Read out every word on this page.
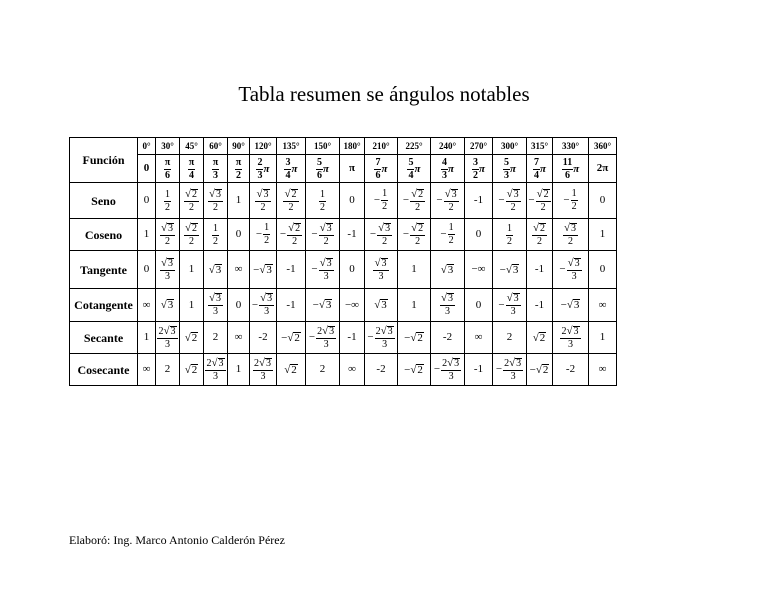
Tabla resumen se ángulos notables
Función	0°	30°	45°	60°	90°	120°	135°	150°	180°	210°	225°	240°	270°	300°	315°	330°	360°

	0	$\frac{\pi}{6}$	$\frac{\pi}{4}$	$\frac{\pi}{3}$	$\frac{\pi}{2}$	$\frac{2}{3}$ π	$\frac{3}{4}$ π	$\frac{5}{6}$ π	π	$\frac{7}{6}$ π	$\frac{5}{4}$ π	$\frac{4}{3}$ π	$\frac{3}{2}$ π	$\frac{5}{3}$ π	$\frac{7}{4}$ π	$\frac{11}{6}$ π	2π

Seno	0	$\frac{1}{2}$	$\frac{√ 2}{2}$	$\frac{√ 3}{2}$	1	$\frac{√ 3}{2}$	$\frac{√ 2}{2}$	$\frac{1}{2}$	0	− $\frac{1}{2}$	− $\frac{√ 2}{2}$	− $\frac{√ 3}{2}$	-1	− $\frac{√ 3}{2}$	− $\frac{√ 2}{2}$	− $\frac{1}{2}$	0

Coseno	1	$\frac{√ 3}{2}$	$\frac{√ 2}{2}$	$\frac{1}{2}$	0	− $\frac{1}{2}$	− $\frac{√ 2}{2}$	− $\frac{√ 3}{2}$	-1	− $\frac{√ 3}{2}$	− $\frac{√ 2}{2}$	− $\frac{1}{2}$	0	$\frac{1}{2}$	$\frac{√ 2}{2}$	$\frac{√ 3}{2}$	1

Tangente	0	$\frac{√ 3}{3}$	1	√ 3	∞	− √ 3	-1	− $\frac{√ 3}{3}$	0	$\frac{√ 3}{3}$	1	√ 3	−∞	− √ 3	-1	− $\frac{√ 3}{3}$	0

Cotangente	∞	√ 3	1	$\frac{√ 3}{3}$	0	− $\frac{√ 3}{3}$	-1	− √ 3	−∞	√ 3	1	$\frac{√ 3}{3}$	0	− $\frac{√ 3}{3}$	-1	− √ 3	∞

Secante	1	$\frac{2 √ 3}{3}$	√ 2	2	∞	-2	− √ 2	− $\frac{2 √ 3}{3}$	-1	− $\frac{2 √ 3}{3}$	− √ 2	-2	∞	2	√ 2	$\frac{2 √ 3}{3}$	1

Cosecante	∞	2	√ 2	$\frac{2 √ 3}{3}$	1	$\frac{2 √ 3}{3}$	√ 2	2	∞	-2	− √ 2	− $\frac{2 √ 3}{3}$	-1	− $\frac{2 √ 3}{3}$	− √ 2	-2	∞
Elaboró: Ing. Marco Antonio Calderón Pérez
